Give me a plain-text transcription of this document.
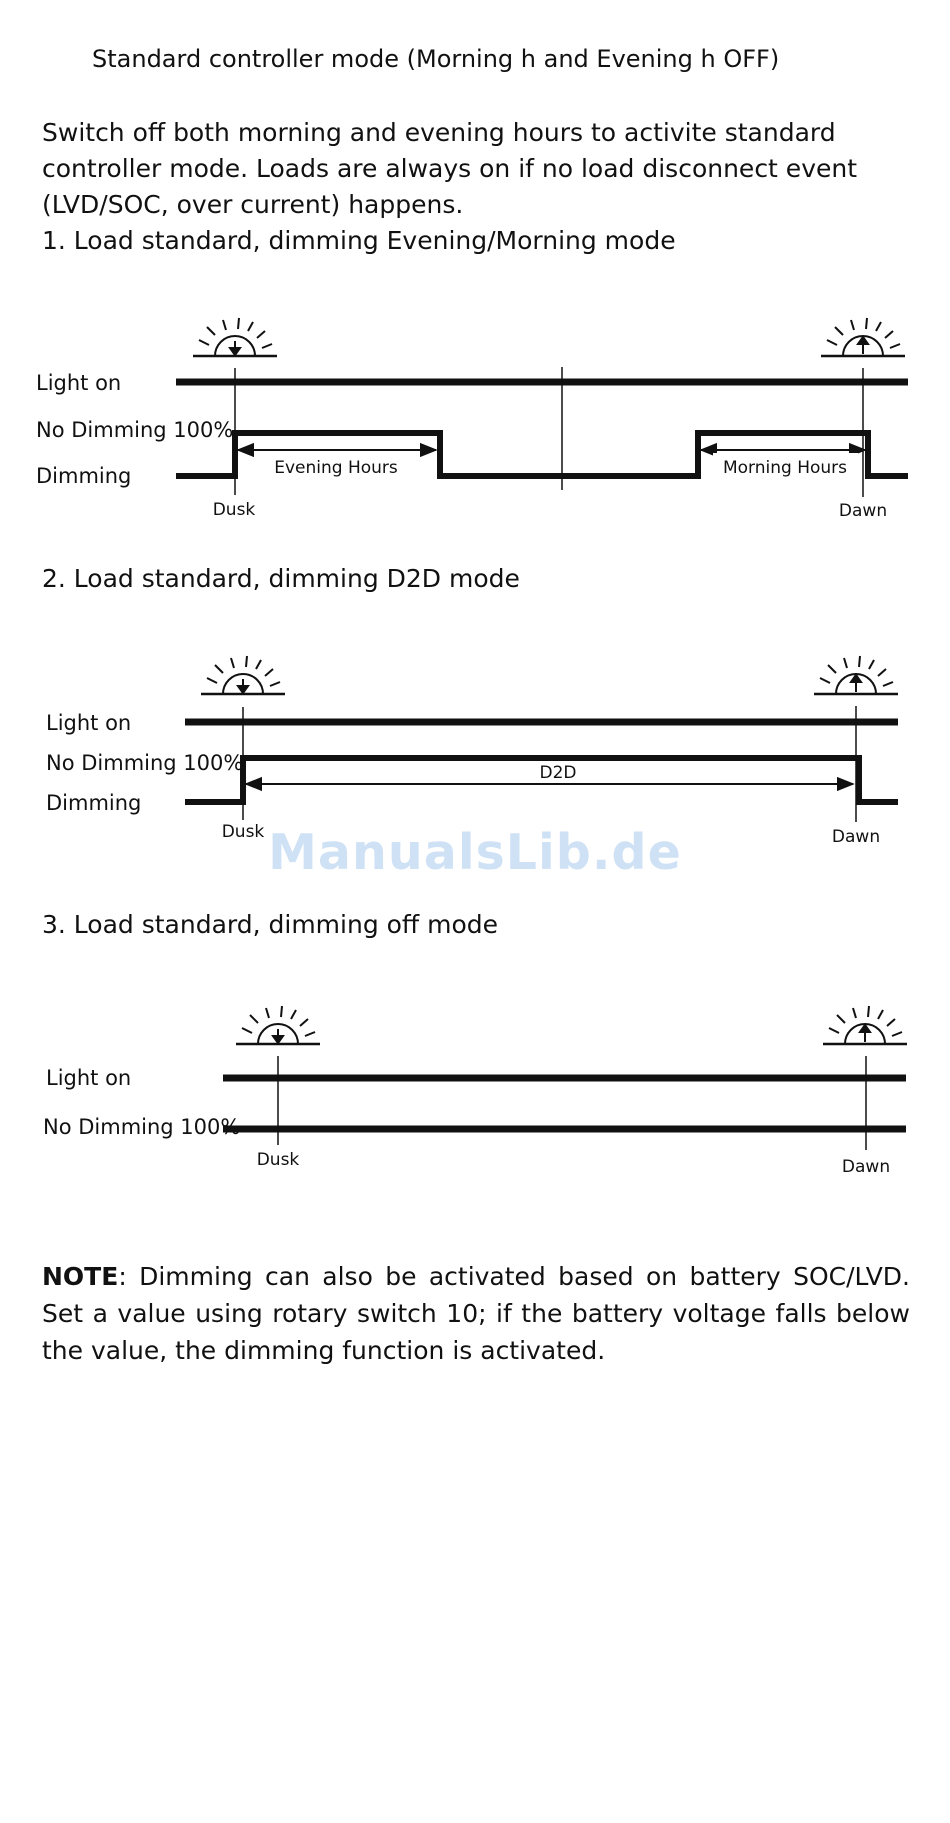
Standard controller mode (Morning h and Evening h OFF)

Switch off both morning and evening hours to activite standard controller mode. Loads are always on if no load disconnect event (LVD/SOC, over current) happens.

1. Load standard, dimming Evening/Morning mode
Light on
No Dimming 100%
Dimming	Evening Hours	Morning Hours
Dusk	Dawn
2. Load standard, dimming D2D mode
Light on
No Dimming 100%
Dimming
D2D
Dusk	Dawn
ManualsLib.de
3. Load standard, dimming off mode
Light on
No Dimming 100%
Dusk	Dawn

NOTE: Dimming can also be activated based on battery SOC/LVD. Set a value using rotary switch 10; if the battery voltage falls below the value, the dimming function is activated.
